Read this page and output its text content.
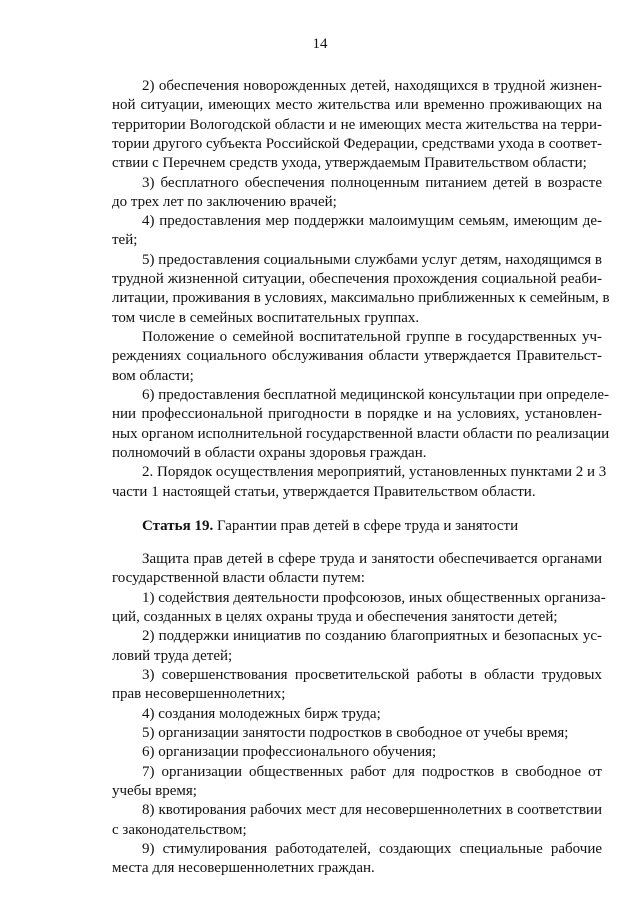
14
2) обеспечения новорожденных детей, находящихся в трудной жизнен-
ной ситуации, имеющих место жительства или временно проживающих на
территории Вологодской области и не имеющих места жительства на терри-
тории другого субъекта Российской Федерации, средствами ухода в соответ-
ствии с Перечнем средств ухода, утверждаемым Правительством области;
3) бесплатного обеспечения полноценным питанием детей в возрасте
до трех лет по заключению врачей;
4) предоставления мер поддержки малоимущим семьям, имеющим де-
тей;
5) предоставления социальными службами услуг детям, находящимся в
трудной жизненной ситуации, обеспечения прохождения социальной реаби-
литации, проживания в условиях, максимально приближенных к семейным, в
том числе в семейных воспитательных группах.
Положение о семейной воспитательной группе в государственных уч-
реждениях социального обслуживания области утверждается Правительст-
вом области;
6) предоставления бесплатной медицинской консультации при определе-
нии профессиональной пригодности в порядке и на условиях, установлен-
ных органом исполнительной государственной власти области по реализации
полномочий в области охраны здоровья граждан.
2. Порядок осуществления мероприятий, установленных пунктами 2 и 3
части 1 настоящей статьи, утверждается Правительством области.
Статья 19. Гарантии прав детей в сфере труда и занятости
Защита прав детей в сфере труда и занятости обеспечивается органами
государственной власти области путем:
1) содействия деятельности профсоюзов, иных общественных организа-
ций, созданных в целях охраны труда и обеспечения занятости детей;
2) поддержки инициатив по созданию благоприятных и безопасных ус-
ловий труда детей;
3) совершенствования просветительской работы в области трудовых
прав несовершеннолетних;
4) создания молодежных бирж труда;
5) организации занятости подростков в свободное от учебы время;
6) организации профессионального обучения;
7) организации общественных работ для подростков в свободное от
учебы время;
8) квотирования рабочих мест для несовершеннолетних в соответствии
с законодательством;
9) стимулирования работодателей, создающих специальные рабочие
места для несовершеннолетних граждан.
